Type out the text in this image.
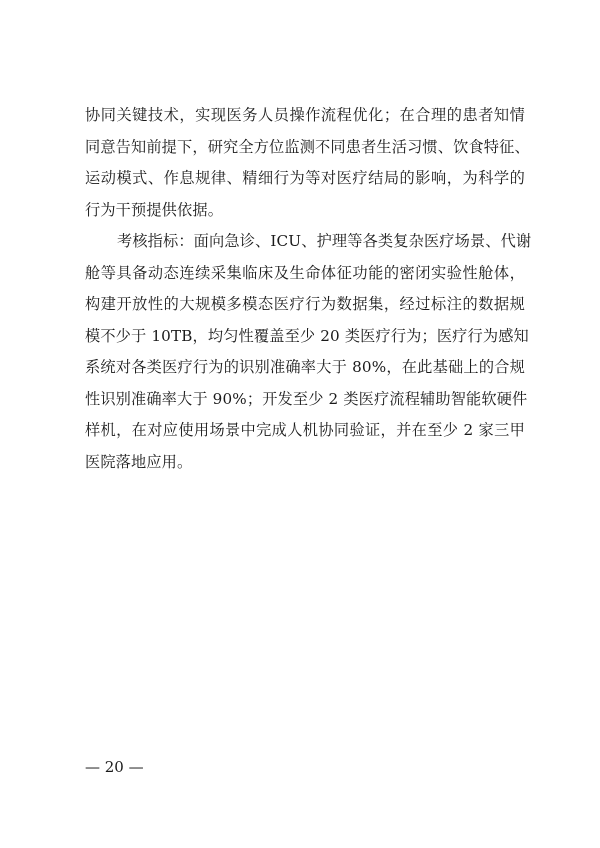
协同关键技术，实现医务人员操作流程优化；在合理的患者知情
同意告知前提下，研究全方位监测不同患者生活习惯、饮食特征、
运动模式、作息规律、精细行为等对医疗结局的影响，为科学的
行为干预提供依据。
考核指标：面向急诊、ICU、护理等各类复杂医疗场景、代谢
舱等具备动态连续采集临床及生命体征功能的密闭实验性舱体，
构建开放性的大规模多模态医疗行为数据集，经过标注的数据规
模不少于 10TB，均匀性覆盖至少 20 类医疗行为；医疗行为感知
系统对各类医疗行为的识别准确率大于 80%，在此基础上的合规
性识别准确率大于 90%；开发至少 2 类医疗流程辅助智能软硬件
样机，在对应使用场景中完成人机协同验证，并在至少 2 家三甲
医院落地应用。
— 20 —
